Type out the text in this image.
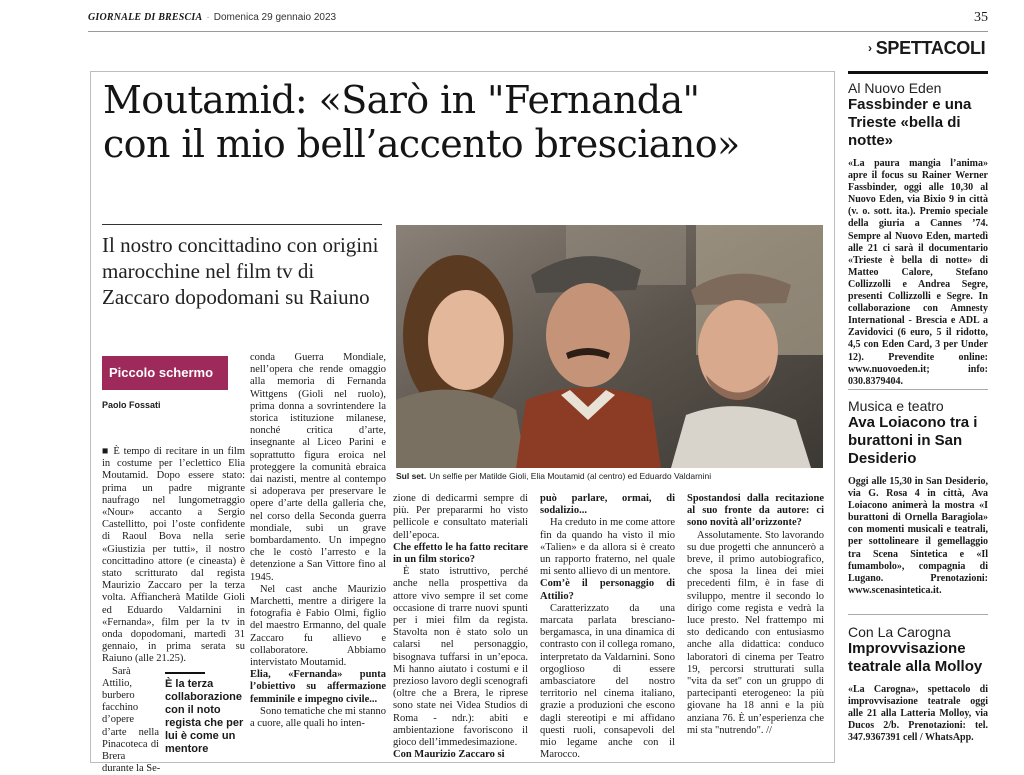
GIORNALE DI BRESCIA · Domenica 29 gennaio 2023	35
› SPETTACOLI
Moutamid: «Sarò in "Fernanda"
con il mio bell’accento bresciano»
Il nostro concittadino con origini marocchine nel film tv di Zaccaro dopodomani su Raiuno
Piccolo schermo
Paolo Fossati

■ È tempo di recitare in un film in costume per l’eclettico Elia Moutamid. Dopo essere stato: prima un padre migrante naufrago nel lungometraggio «Nour» accanto a Sergio Castellitto, poi l’oste confidente di Raoul Bova nella serie «Giustizia per tutti», il nostro concittadino attore (e cineasta) è stato scritturato dal regista Maurizio Zaccaro per la terza volta. Affiancherà Matilde Gioli ed Eduardo Valdarnini in «Fernanda», film per la tv in onda dopodomani, martedì 31 gennaio, in prima serata su Raiuno (alle 21.25).

È la terza collaborazione con il noto regista che per lui è come un mentore

Sarà Attilio, burbero facchino d’opere d’arte nella Pinacoteca di Brera durante la Se-

conda Guerra Mondiale, nell’opera che rende omaggio alla memoria di Fernanda Wittgens (Gioli nel ruolo), prima donna a sovrintendere la storica istituzione milanese, nonché critica d’arte, insegnante al Liceo Parini e soprattutto figura eroica nel proteggere la comunità ebraica dai nazisti, mentre al contempo si adoperava per preservare le opere d’arte della galleria che, nel corso della Seconda guerra mondiale, subì un grave bombardamento. Un impegno che le costò l’arresto e la detenzione a San Vittore fino al 1945.

Nel cast anche Maurizio Marchetti, mentre a dirigere la fotografia è Fabio Olmi, figlio del maestro Ermanno, del quale Zaccaro fu allievo e collaboratore. Abbiamo intervistato Moutamid.

Elia, «Fernanda» punta l’obiettivo su affermazione femminile e impegno civile...

Sono tematiche che mi stanno a cuore, alle quali ho inten-

Sul set. Un selfie per Matilde Gioli, Elia Moutamid (al centro) ed Eduardo Valdarnini

zione di dedicarmi sempre di più. Per prepararmi ho visto pellicole e consultato materiali dell’epoca.

Che effetto le ha fatto recitare in un film storico?

È stato istruttivo, perché anche nella prospettiva da attore vivo sempre il set come occasione di trarre nuovi spunti per i miei film da regista. Stavolta non è stato solo un calarsi nel personaggio, bisognava tuffarsi in un’epoca. Mi hanno aiutato i costumi e il prezioso lavoro degli scenografi (oltre che a Brera, le riprese sono state nei Videa Studios di Roma - ndr.): abiti e ambientazione favoriscono il gioco dell’immedesimazione.

Con Maurizio Zaccaro si

può parlare, ormai, di sodalizio...

Ha creduto in me come attore fin da quando ha visto il mio «Talien» e da allora si è creato un rapporto fraterno, nel quale mi sento allievo di un mentore.

Com’è il personaggio di Attilio?

Caratterizzato da una marcata parlata bresciano-bergamasca, in una dinamica di contrasto con il collega romano, interpretato da Valdarnini. Sono orgoglioso di essere ambasciatore del nostro territorio nel cinema italiano, grazie a produzioni che escono dagli stereotipi e mi affidano questi ruoli, consapevoli del mio legame anche con il Marocco.

Spostandosi dalla recitazione al suo fronte da autore: ci sono novità all’orizzonte?

Assolutamente. Sto lavorando su due progetti che annuncerò a breve, il primo autobiografico, che sposa la linea dei miei precedenti film, è in fase di sviluppo, mentre il secondo lo dirigo come regista e vedrà la luce presto. Nel frattempo mi sto dedicando con entusiasmo anche alla didattica: conduco laboratori di cinema per Teatro 19, percorsi strutturati sulla "vita da set" con un gruppo di partecipanti eterogeneo: la più giovane ha 18 anni e la più anziana 76. È un’esperienza che mi sta "nutrendo". //

Al Nuovo Eden
Fassbinder e una Trieste «bella di notte»
«La paura mangia l’anima» apre il focus su Rainer Werner Fassbinder, oggi alle 10,30 al Nuovo Eden, via Bixio 9 in città (v. o. sott. ita.). Premio speciale della giuria a Cannes ’74. Sempre al Nuovo Eden, martedì alle 21 ci sarà il documentario «Trieste è bella di notte» di Matteo Calore, Stefano Collizzolli e Andrea Segre, presenti Collizzolli e Segre. In collaborazione con Amnesty International - Brescia e ADL a Zavidovici (6 euro, 5 il ridotto, 4,5 con Eden Card, 3 per Under 12). Prevendite online: www.nuovoeden.it; info: 030.8379404.
Musica e teatro
Ava Loiacono tra i burattoni in San Desiderio
Oggi alle 15,30 in San Desiderio, via G. Rosa 4 in città, Ava Loiacono animerà la mostra «I burattoni di Ornella Baragiola» con momenti musicali e teatrali, per sottolinearе il gemellaggio tra Scena Sintetica e «Il fumambolo», compagnia di Lugano. Prenotazioni: www.scenasintetica.it.
Con La Carogna
Improvvisazione teatrale alla Molloy
«La Carogna», spettacolo di improvvisazione teatrale oggi alle 21 alla Latteria Molloy, via Ducos 2/b. Prenotazioni: tel. 347.9367391 cell / WhatsApp.
